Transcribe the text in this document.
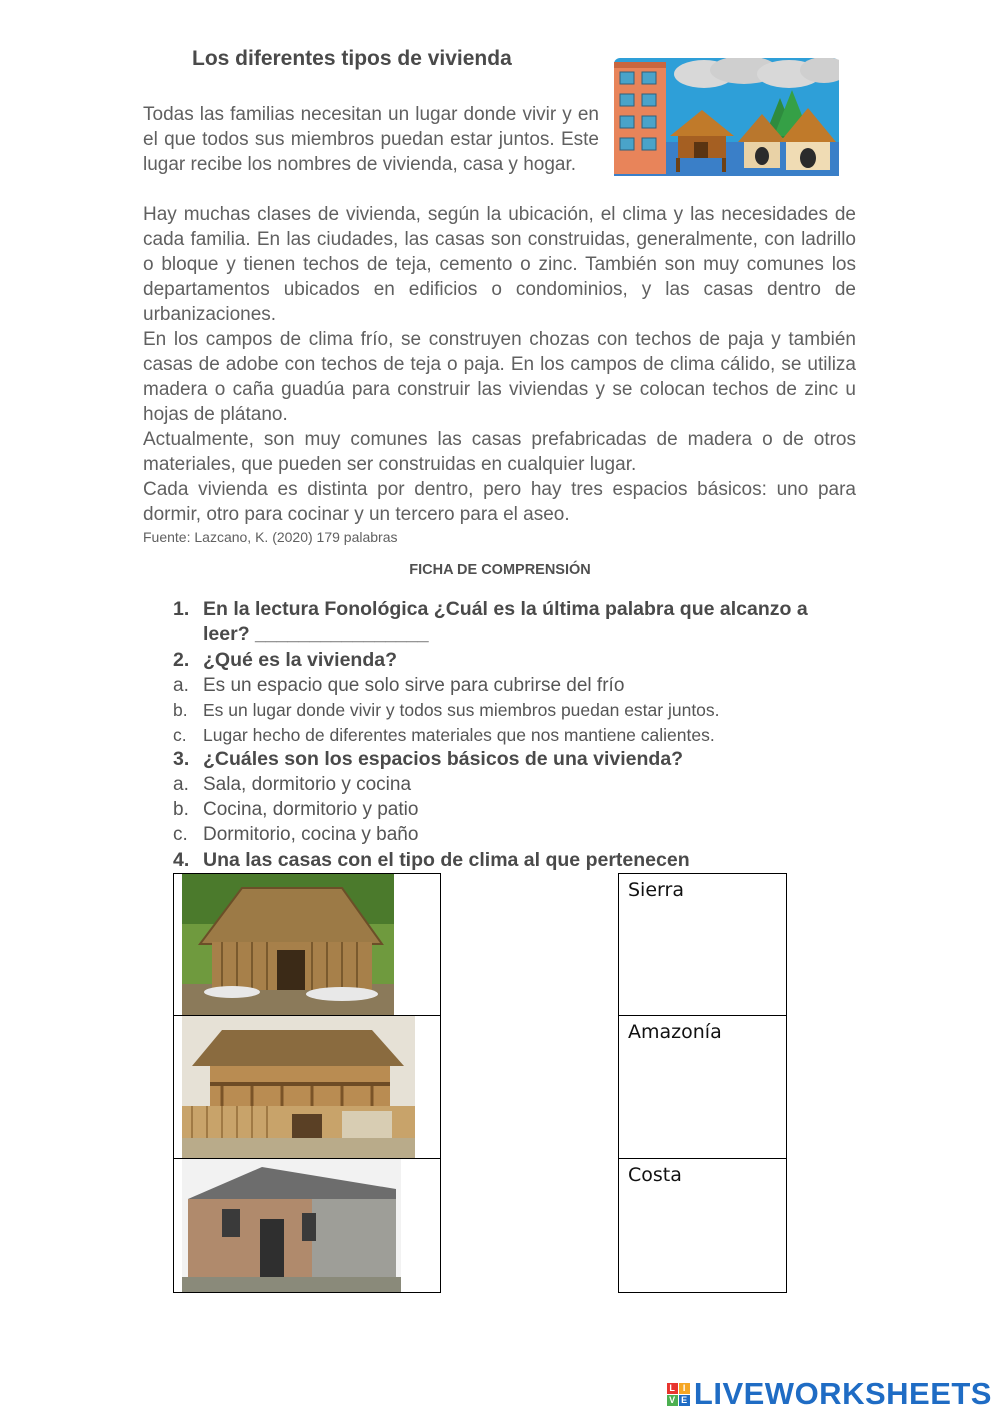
Los diferentes tipos de vivienda

Todas las familias necesitan un lugar donde vivir y en el que todos sus miembros puedan estar juntos. Este lugar recibe los nombres de vivienda, casa y hogar.

Hay muchas clases de vivienda, según la ubicación, el clima y las necesidades de cada familia. En las ciudades, las casas son construidas, generalmente, con ladrillo o bloque y tienen techos de teja, cemento o zinc. También son muy comunes los departamentos ubicados en edificios o condominios, y las casas dentro de urbanizaciones.

En los campos de clima frío, se construyen chozas con techos de paja y también casas de adobe con techos de teja o paja. En los campos de clima cálido, se utiliza madera o caña guadúa para construir las viviendas y se colocan techos de zinc u hojas de plátano.

Actualmente, son muy comunes las casas prefabricadas de madera o de otros materiales, que pueden ser construidas en cualquier lugar.

Cada vivienda es distinta por dentro, pero hay tres espacios básicos: uno para dormir, otro para cocinar y un tercero para el aseo.

Fuente: Lazcano, K. (2020) 179 palabras
FICHA DE COMPRENSIÓN
1. En la lectura Fonológica ¿Cuál es la última palabra que alcanzo a leer? ________________
2. ¿Qué es la vivienda?
a. Es un espacio que solo sirve para cubrirse del frío
b. Es un lugar donde vivir y todos sus miembros puedan estar juntos.
c. Lugar hecho de diferentes materiales que nos mantiene calientes.
3. ¿Cuáles son los espacios básicos de una vivienda?
a. Sala, dormitorio y cocina
b. Cocina, dormitorio y patio
c. Dormitorio, cocina y baño
4. Una las casas con el tipo de clima al que pertenecen
Sierra
Amazonía
Costa
L I
V E LIVEWORKSHEETS
